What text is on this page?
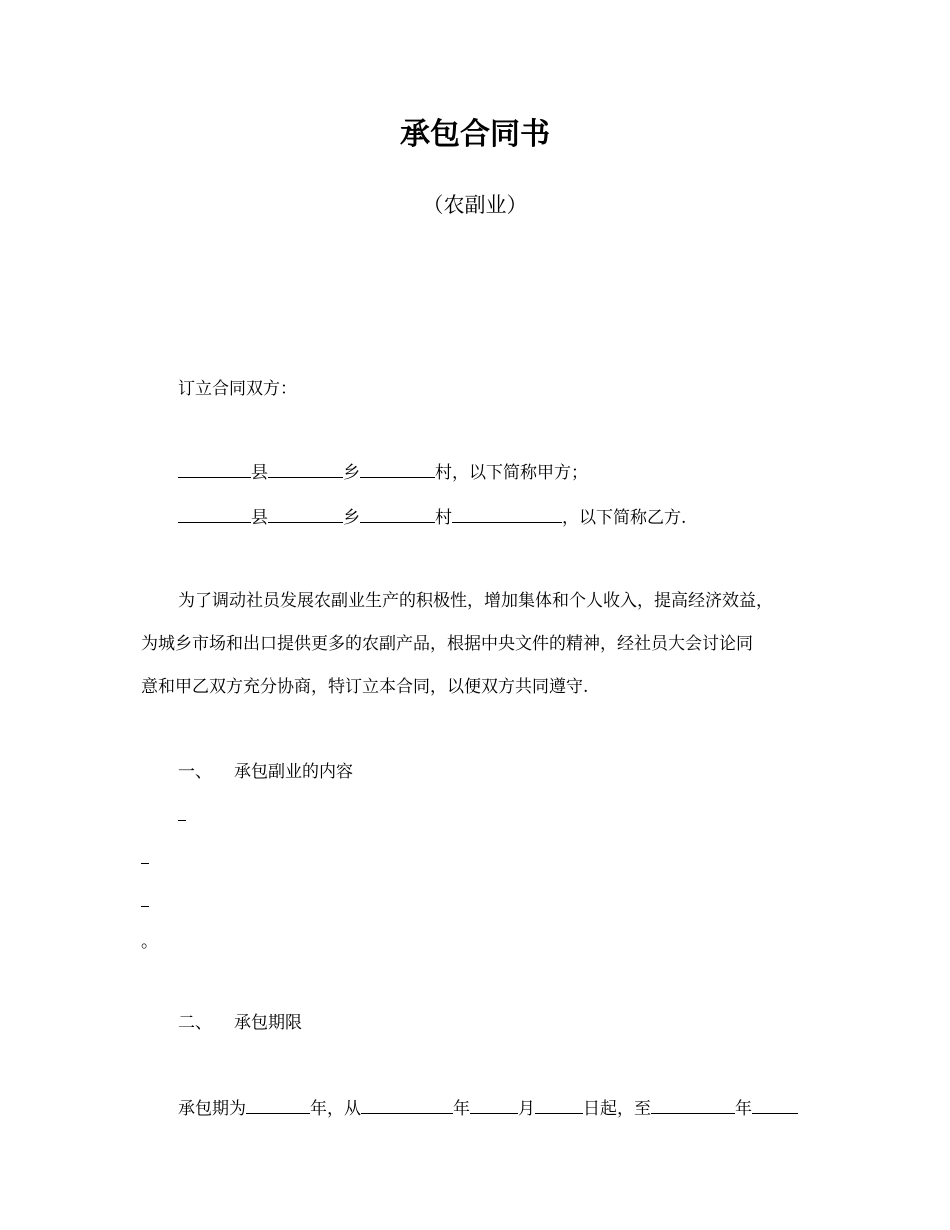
承包合同书
（农副业）
订立合同双方：
县	乡	村，以下简称甲方；
县	乡	村	，以下简称乙方.
为了调动社员发展农副业生产的积极性，增加集体和个人收入，提高经济效益，
为城乡市场和出口提供更多的农副产品，根据中央文件的精神，经社员大会讨论同
意和甲乙双方充分协商，特订立本合同，以便双方共同遵守.
一、 承包副业的内容
。
二、 承包期限
承包期为	年，从	年	月	日起，至	年
